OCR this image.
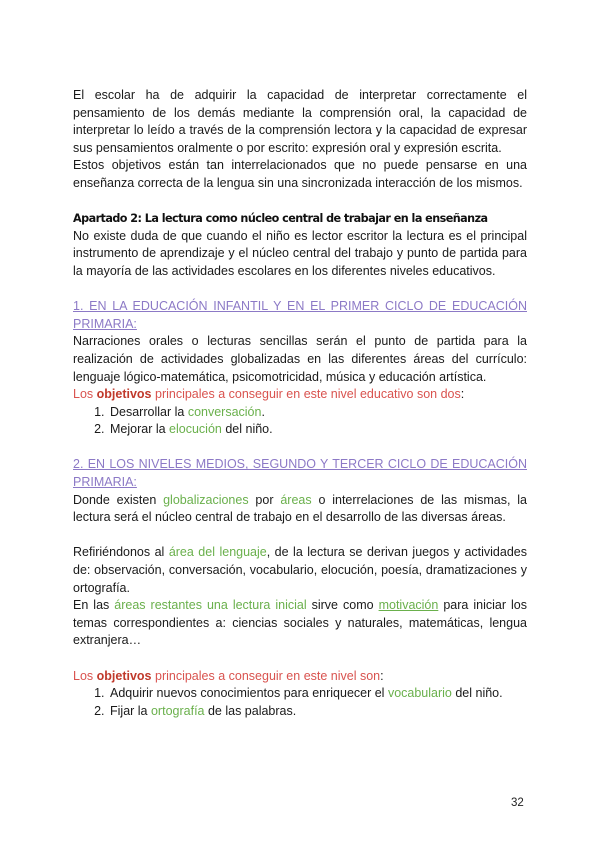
El escolar ha de adquirir la capacidad de interpretar correctamente el pensamiento de los demás mediante la comprensión oral, la capacidad de interpretar lo leído a través de la comprensión lectora y la capacidad de expresar sus pensamientos oralmente o por escrito: expresión oral y expresión escrita.

Estos objetivos están tan interrelacionados que no puede pensarse en una enseñanza correcta de la lengua sin una sincronizada interacción de los mismos.

Apartado 2: La lectura como núcleo central de trabajar en la enseñanza

No existe duda de que cuando el niño es lector escritor la lectura es el principal instrumento de aprendizaje y el núcleo central del trabajo y punto de partida para la mayoría de las actividades escolares en los diferentes niveles educativos.

1. EN LA EDUCACIÓN INFANTIL Y EN EL PRIMER CICLO DE EDUCACIÓN PRIMARIA:

Narraciones orales o lecturas sencillas serán el punto de partida para la realización de actividades globalizadas en las diferentes áreas del currículo: lenguaje lógico-matemática, psicomotricidad, música y educación artística.

Los objetivos principales a conseguir en este nivel educativo son dos:

1. Desarrollar la conversación.
2. Mejorar la elocución del niño.

2. EN LOS NIVELES MEDIOS, SEGUNDO Y TERCER CICLO DE EDUCACIÓN PRIMARIA:

Donde existen globalizaciones por áreas o interrelaciones de las mismas, la lectura será el núcleo central de trabajo en el desarrollo de las diversas áreas.

Refiriéndonos al área del lenguaje, de la lectura se derivan juegos y actividades de: observación, conversación, vocabulario, elocución, poesía, dramatizaciones y ortografía.

En las áreas restantes una lectura inicial sirve como motivación para iniciar los temas correspondientes a: ciencias sociales y naturales, matemáticas, lengua extranjera…

Los objetivos principales a conseguir en este nivel son:

1. Adquirir nuevos conocimientos para enriquecer el vocabulario del niño.
2. Fijar la ortografía de las palabras.
32
